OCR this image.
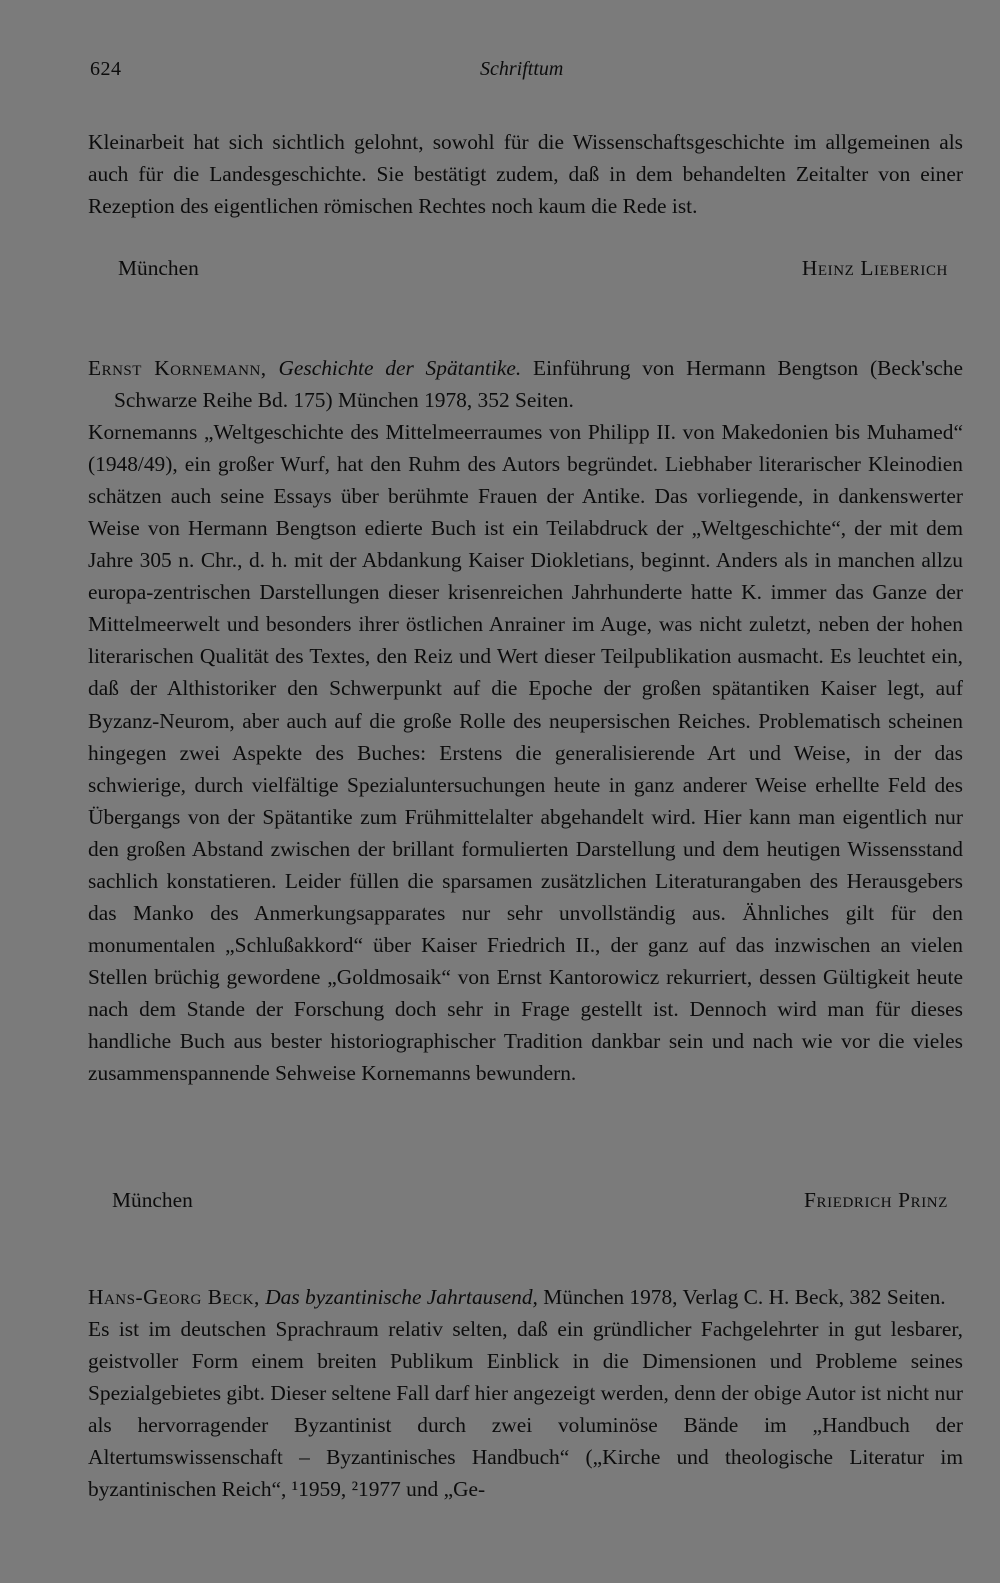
624	Schrifttum

Kleinarbeit hat sich sichtlich gelohnt, sowohl für die Wissenschaftsgeschichte im allgemeinen als auch für die Landesgeschichte. Sie bestätigt zudem, daß in dem behandelten Zeitalter von einer Rezeption des eigentlichen römischen Rechtes noch kaum die Rede ist.

München	Heinz Lieberich

Ernst Kornemann, Geschichte der Spätantike. Einführung von Hermann Bengtson (Beck'sche Schwarze Reihe Bd. 175) München 1978, 352 Seiten.

Kornemanns „Weltgeschichte des Mittelmeerraumes von Philipp II. von Makedonien bis Muhamed“ (1948/49), ein großer Wurf, hat den Ruhm des Autors begründet. Liebhaber literarischer Kleinodien schätzen auch seine Essays über berühmte Frauen der Antike. Das vorliegende, in dankenswerter Weise von Hermann Bengtson edierte Buch ist ein Teilabdruck der „Weltgeschichte“, der mit dem Jahre 305 n. Chr., d. h. mit der Abdankung Kaiser Diokletians, beginnt. Anders als in manchen allzu europa-zentrischen Darstellungen dieser krisenreichen Jahrhunderte hatte K. immer das Ganze der Mittelmeerwelt und besonders ihrer östlichen Anrainer im Auge, was nicht zuletzt, neben der hohen literarischen Qualität des Textes, den Reiz und Wert dieser Teilpublikation ausmacht. Es leuchtet ein, daß der Althistoriker den Schwerpunkt auf die Epoche der großen spätantiken Kaiser legt, auf Byzanz-Neurom, aber auch auf die große Rolle des neupersischen Reiches. Problematisch scheinen hingegen zwei Aspekte des Buches: Erstens die generalisierende Art und Weise, in der das schwierige, durch vielfältige Spezialuntersuchungen heute in ganz anderer Weise erhellte Feld des Übergangs von der Spätantike zum Frühmittelalter abgehandelt wird. Hier kann man eigentlich nur den großen Abstand zwischen der brillant formulierten Darstellung und dem heutigen Wissensstand sachlich konstatieren. Leider füllen die sparsamen zusätzlichen Literaturangaben des Herausgebers das Manko des Anmerkungsapparates nur sehr unvollständig aus. Ähnliches gilt für den monumentalen „Schlußakkord“ über Kaiser Friedrich II., der ganz auf das inzwischen an vielen Stellen brüchig gewordene „Goldmosaik“ von Ernst Kantorowicz rekurriert, dessen Gültigkeit heute nach dem Stande der Forschung doch sehr in Frage gestellt ist. Dennoch wird man für dieses handliche Buch aus bester historiographischer Tradition dankbar sein und nach wie vor die vieles zusammenspannende Sehweise Kornemanns bewundern.

München	Friedrich Prinz

Hans-Georg Beck, Das byzantinische Jahrtausend, München 1978, Verlag C. H. Beck, 382 Seiten.

Es ist im deutschen Sprachraum relativ selten, daß ein gründlicher Fachgelehrter in gut lesbarer, geistvoller Form einem breiten Publikum Einblick in die Dimensionen und Probleme seines Spezialgebietes gibt. Dieser seltene Fall darf hier angezeigt werden, denn der obige Autor ist nicht nur als hervorragender Byzantinist durch zwei voluminöse Bände im „Handbuch der Altertumswissenschaft – Byzantinisches Handbuch“ („Kirche und theologische Literatur im byzantinischen Reich“, ¹1959, ²1977 und „Ge-
